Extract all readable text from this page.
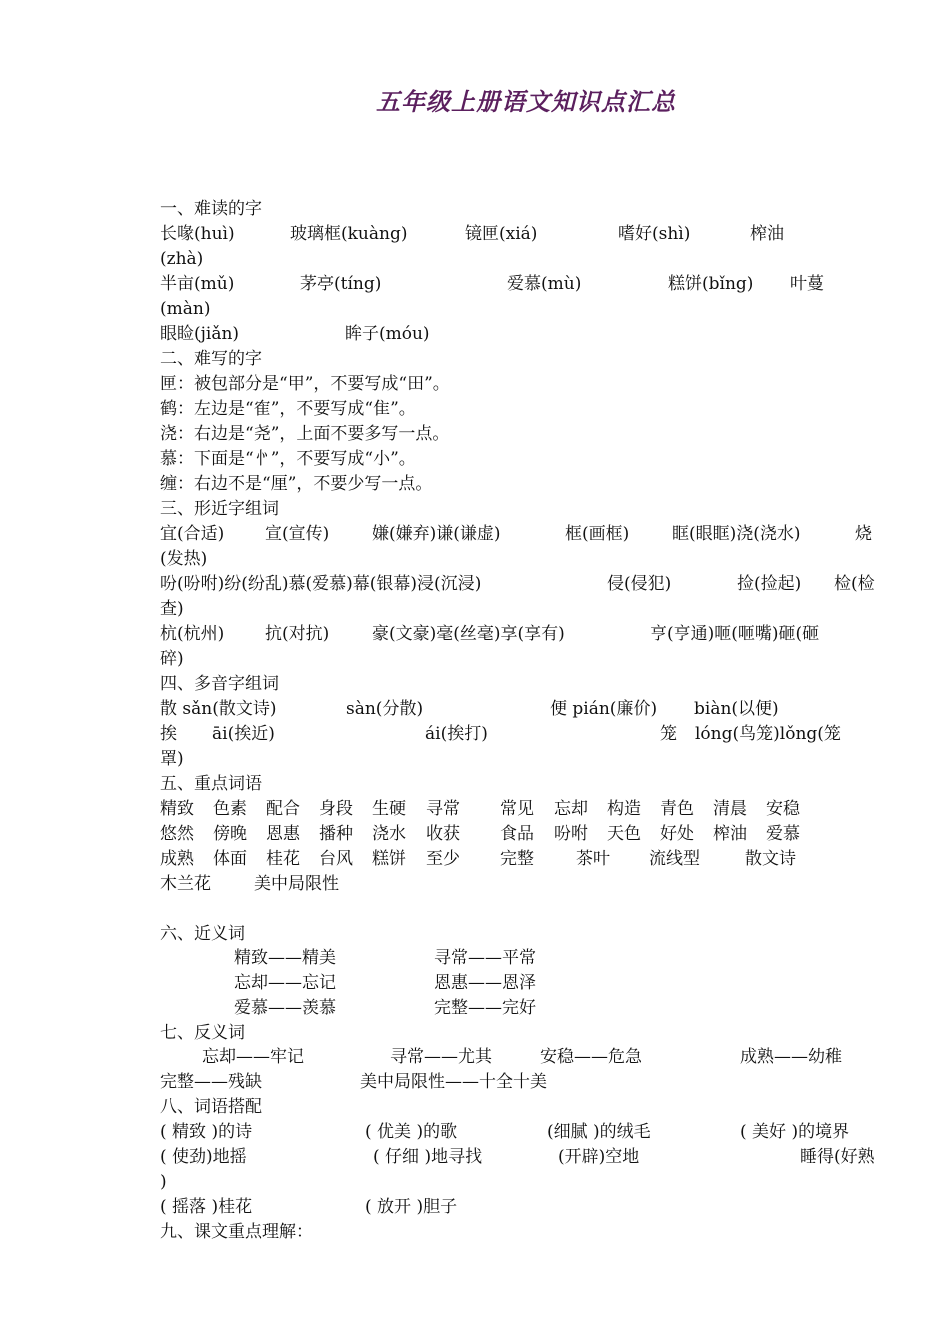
五年级上册语文知识点汇总
一、难读的字
长喙(huì)	玻璃框(kuàng)	镜匣(xiá)	嗜好(shì)	榨油
(zhà)
半亩(mǔ)	茅亭(tíng)	爱慕(mù)	糕饼(bǐng) 叶蔓
(màn)
眼睑(jiǎn)	眸子(móu)
二、难写的字
匣：被包部分是“甲”，不要写成“田”。
鹤：左边是“隺”，不要写成“隹”。
浇：右边是“尧”，上面不要多写一点。
慕：下面是“㣺”，不要写成“小”。
缠：右边不是“厘”，不要少写一点。
三、形近字组词
宜(合适) 宣(宣传)	嫌(嫌弃)谦(谦虚)	框(画框)	眶(眼眶)浇(浇水)	烧
(发热)
吩(吩咐)纷(纷乱)慕(爱慕)幕(银幕)浸(沉浸)	侵(侵犯)	捡(捡起) 检(检
查)
杭(杭州) 抗(对抗)	豪(文豪)毫(丝毫)享(享有)	亨(亨通)咂(咂嘴)砸(砸
碎)
四、多音字组词
散 sǎn(散文诗)	sàn(分散)	便 pián(廉价) biàn(以便)
挨 āi(挨近)	ái(挨打)	笼 lóng(鸟笼)lǒng(笼
罩)
五、重点词语
精致 色素 配合 身段 生硬 寻常 常见 忘却 构造 青色 清晨 安稳
悠然 傍晚 恩惠 播种 浇水 收获 食品 吩咐 天色 好处 榨油 爱慕
成熟 体面 桂花 台风 糕饼 至少 完整 茶叶 流线型	散文诗
木兰花	美中局限性
六、近义词
精致——精美	寻常——平常
忘却——忘记	恩惠——恩泽
爱慕——羡慕	完整——完好
七、反义词
忘却——牢记	寻常——尤其	安稳——危急	成熟——幼稚
完整——残缺	美中局限性——十全十美
八、词语搭配
( 精致 )的诗	( 优美 )的歌	(细腻 )的绒毛	( 美好 )的境界
( 使劲)地摇	( 仔细 )地寻找	(开辟)空地	睡得(好熟
)
( 摇落 )桂花	( 放开 )胆子
九、课文重点理解：
